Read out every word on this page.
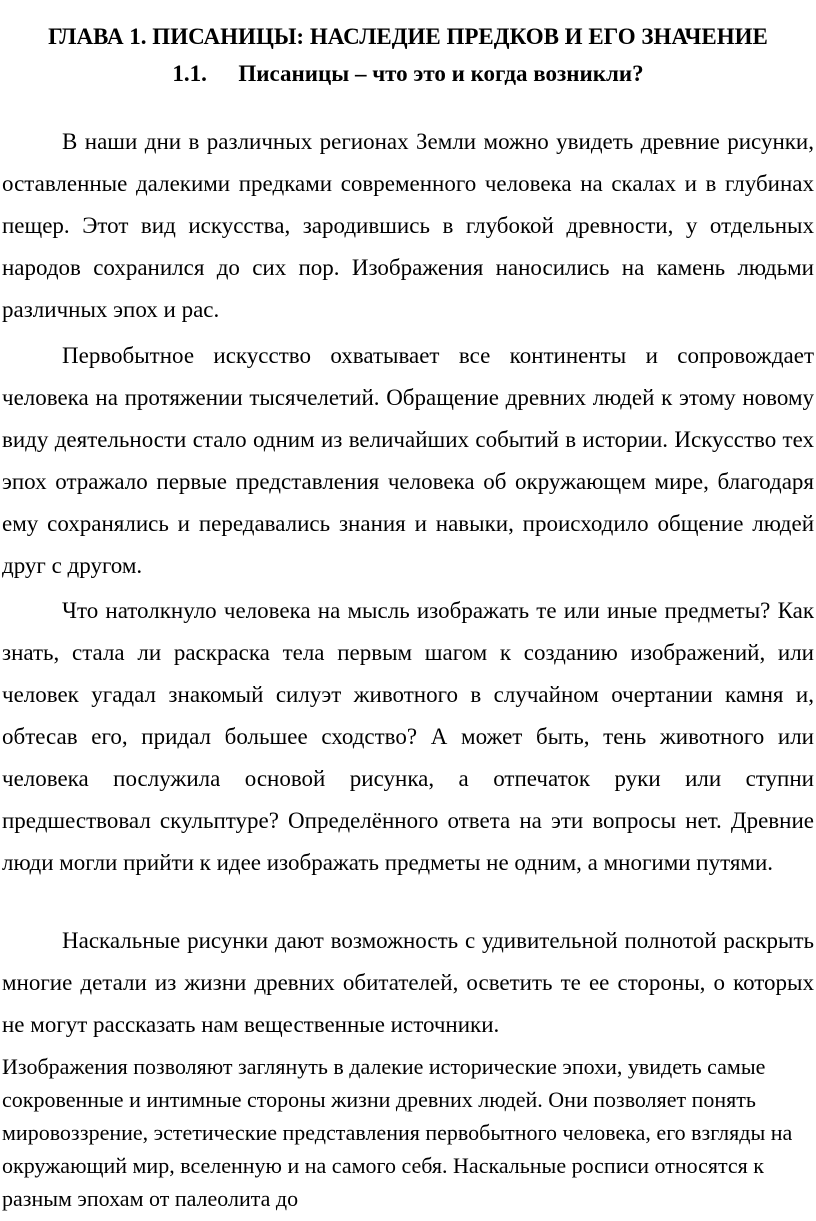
ГЛАВА 1. ПИСАНИЦЫ: НАСЛЕДИЕ ПРЕДКОВ И ЕГО ЗНАЧЕНИЕ
1.1. Писаницы – что это и когда возникли?

В наши дни в различных регионах Земли можно увидеть древние рисунки, оставленные далекими предками современного человека на скалах и в глубинах пещер. Этот вид искусства, зародившись в глубокой древности, у отдельных народов сохранился до сих пор. Изображения наносились на камень людьми различных эпох и рас.

Первобытное искусство охватывает все континенты и сопровождает человека на протяжении тысячелетий. Обращение древних людей к этому новому виду деятельности стало одним из величайших событий в истории. Искусство тех эпох отражало первые представления человека об окружающем мире, благодаря ему сохранялись и передавались знания и навыки, происходило общение людей друг с другом.

Что натолкнуло человека на мысль изображать те или иные предметы? Как знать, стала ли раскраска тела первым шагом к созданию изображений, или человек угадал знакомый силуэт животного в случайном очертании камня и, обтесав его, придал большее сходство? А может быть, тень животного или человека послужила основой рисунка, а отпечаток руки или ступни предшествовал скульптуре? Определённого ответа на эти вопросы нет. Древние люди могли прийти к идее изображать предметы не одним, а многими путями.

Наскальные рисунки дают возможность с удивительной полнотой раскрыть многие детали из жизни древних обитателей, осветить те ее стороны, о которых не могут рассказать нам вещественные источники.

Изображения позволяют заглянуть в далекие исторические эпохи, увидеть самые сокровенные и интимные стороны жизни древних людей. Они позволяет понять мировоззрение, эстетические представления первобытного человека, его взгляды на окружающий мир, вселенную и на самого себя. Наскальные росписи относятся к разным эпохам от палеолита до
